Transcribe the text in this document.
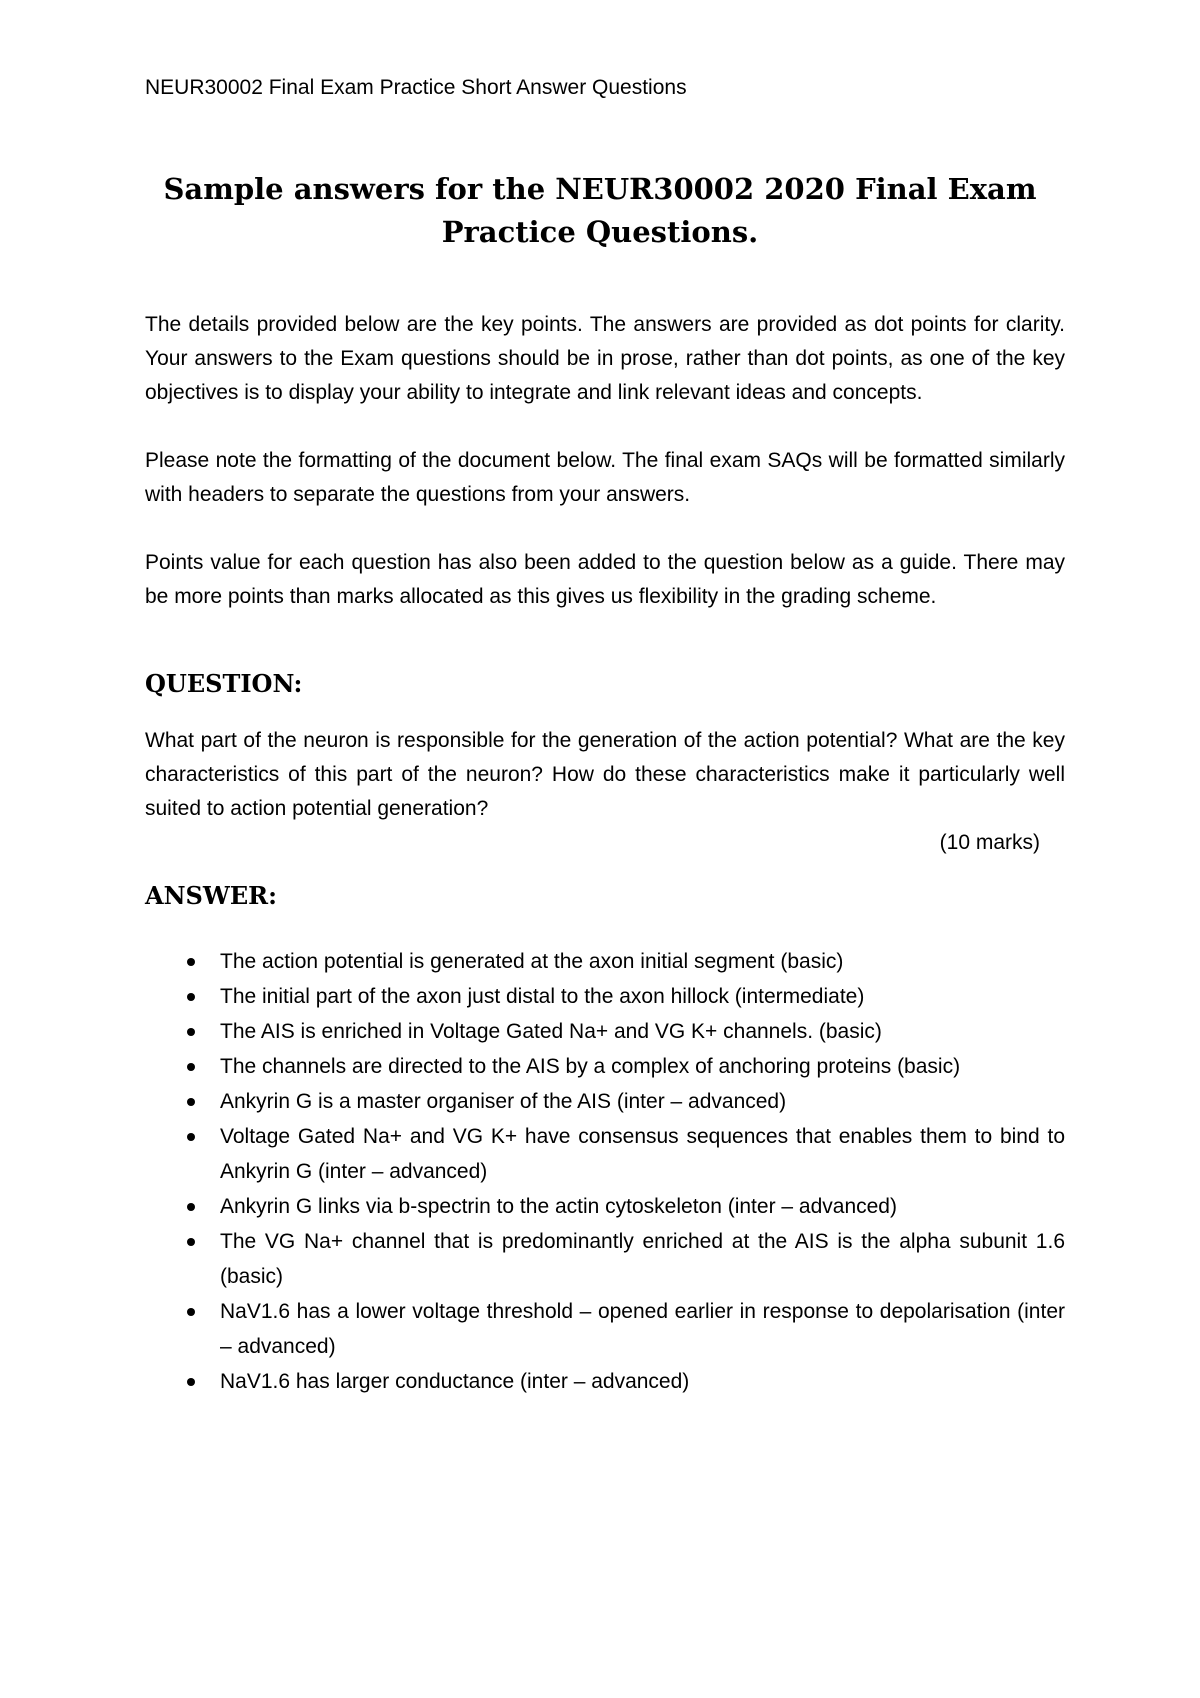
NEUR30002 Final Exam Practice Short Answer Questions
Sample answers for the NEUR30002 2020 Final Exam Practice Questions.

The details provided below are the key points. The answers are provided as dot points for clarity. Your answers to the Exam questions should be in prose, rather than dot points, as one of the key objectives is to display your ability to integrate and link relevant ideas and concepts.

Please note the formatting of the document below. The final exam SAQs will be formatted similarly with headers to separate the questions from your answers.

Points value for each question has also been added to the question below as a guide. There may be more points than marks allocated as this gives us flexibility in the grading scheme.

QUESTION:

What part of the neuron is responsible for the generation of the action potential? What are the key characteristics of this part of the neuron? How do these characteristics make it particularly well suited to action potential generation?

(10 marks)
ANSWER:
The action potential is generated at the axon initial segment (basic)
The initial part of the axon just distal to the axon hillock (intermediate)
The AIS is enriched in Voltage Gated Na+ and VG K+ channels. (basic)
The channels are directed to the AIS by a complex of anchoring proteins (basic)
Ankyrin G is a master organiser of the AIS (inter – advanced)
Voltage Gated Na+ and VG K+ have consensus sequences that enables them to bind to Ankyrin G (inter – advanced)
Ankyrin G links via b-spectrin to the actin cytoskeleton (inter – advanced)
The VG Na+ channel that is predominantly enriched at the AIS is the alpha subunit 1.6 (basic)
NaV1.6 has a lower voltage threshold – opened earlier in response to depolarisation (inter – advanced)
NaV1.6 has larger conductance (inter – advanced)
